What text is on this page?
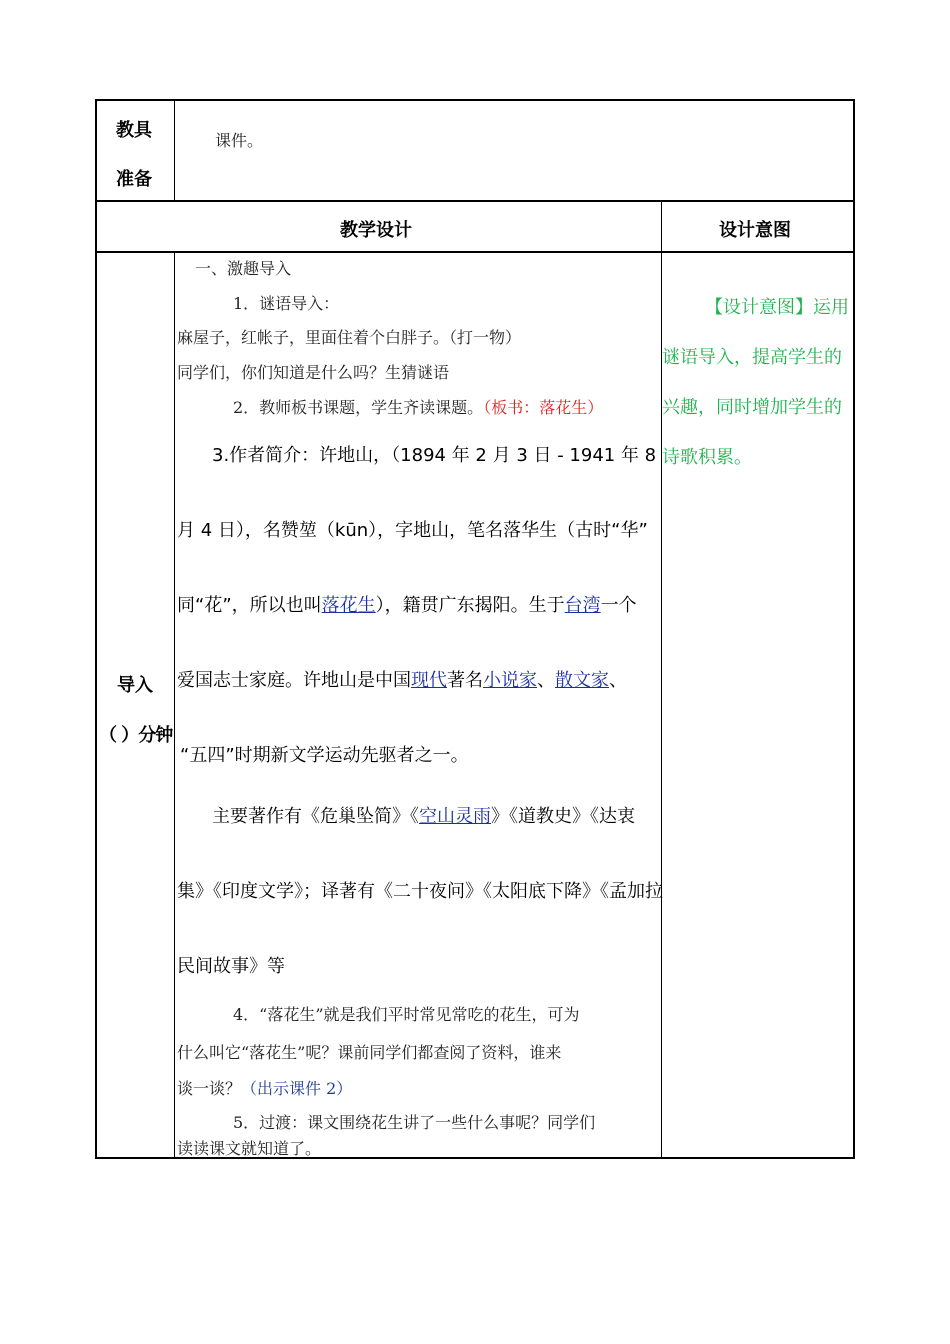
教具
准备
课件。
教学设计	设计意图
导入
（ ）分钟
一、激趣导入
1．谜语导入：
麻屋子，红帐子，里面住着个白胖子。（打一物）
同学们，你们知道是什么吗？生猜谜语
2．教师板书课题，学生齐读课题。（板书：落花生）
3.作者简介：许地山，（1894 年 2 月 3 日 - 1941 年 8
月 4 日），名赞堃（kūn），字地山，笔名落华生（古时“华”
同“花”，所以也叫落花生），籍贯广东揭阳。生于台湾一个
爱国志士家庭。许地山是中国现代著名小说家、散文家、
“五四”时期新文学运动先驱者之一。
主要著作有《危巢坠简》《空山灵雨》《道教史》《达衷
集》《印度文学》；译著有《二十夜问》《太阳底下降》《孟加拉
民间故事》等
4．“落花生”就是我们平时常见常吃的花生，可为
什么叫它“落花生”呢？课前同学们都查阅了资料，谁来
谈一谈？（出示课件 2）
5．过渡：课文围绕花生讲了一些什么事呢？同学们
读读课文就知道了。
【设计意图】运用
谜语导入，提高学生的
兴趣，同时增加学生的
诗歌积累。
